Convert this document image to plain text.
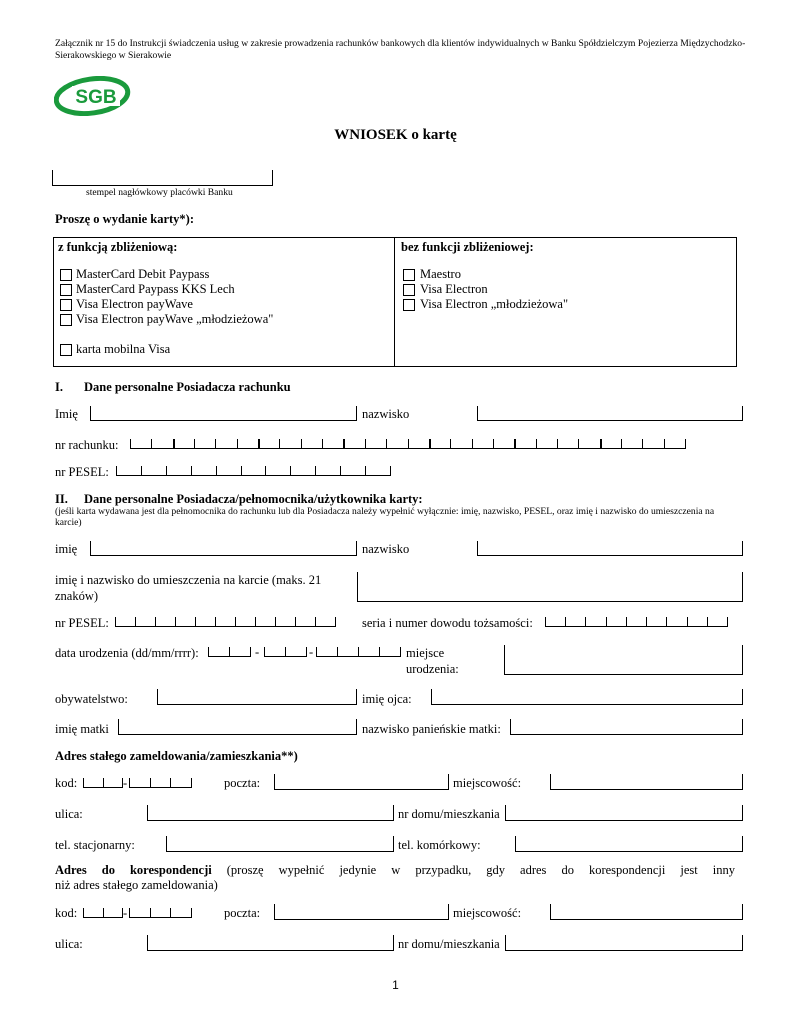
Załącznik nr 15 do Instrukcji świadczenia usług w zakresie prowadzenia rachunków bankowych dla klientów indywidualnych w Banku Spółdzielczym Pojezierza Międzychodzko-Sierakowskiego w Sierakowie
SGB
WNIOSEK o kartę
stempel nagłówkowy placówki Banku
Proszę o wydanie karty*):
z funkcją zbliżeniową:	bez funkcji zbliżeniowej:
MasterCard Debit Paypass
MasterCard Paypass KKS Lech
Visa Electron payWave
Visa Electron payWave „młodzieżowa"
karta mobilna Visa
Maestro
Visa Electron
Visa Electron „młodzieżowa"
I. Dane personalne Posiadacza rachunku
Imię	nazwisko
nr rachunku:
nr PESEL:
II. Dane personalne Posiadacza/pełnomocnika/użytkownika karty:
(jeśli karta wydawana jest dla pełnomocnika do rachunku lub dla Posiadacza należy wypełnić wyłącznie: imię, nazwisko, PESEL, oraz imię i nazwisko do umieszczenia na karcie)
imię	nazwisko
imię i nazwisko do umieszczenia na karcie (maks. 21 znaków)
nr PESEL:	seria i numer dowodu tożsamości:
data urodzenia (dd/mm/rrrr):	-	-	miejsce urodzenia:
obywatelstwo:	imię ojca:
imię matki	nazwisko panieńskie matki:
Adres stałego zameldowania/zamieszkania**)
kod:	-	poczta:	miejscowość:
ulica:	nr domu/mieszkania
tel. stacjonarny:	tel. komórkowy:
Adres do korespondencji (proszę wypełnić jedynie w przypadku, gdy adres do korespondencji jest inny
niż adres stałego zameldowania)
kod:	-	poczta:	miejscowość:
ulica:	nr domu/mieszkania
1
